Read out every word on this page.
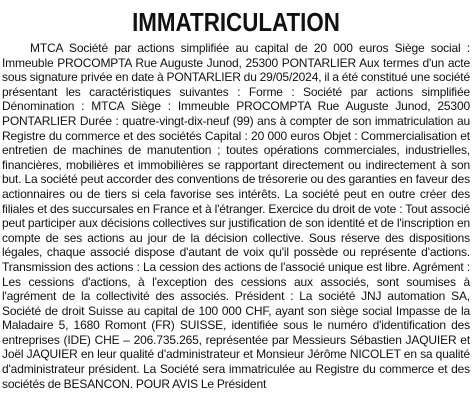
IMMATRICULATION

MTCA Société par actions simplifiée au capital de 20 000 euros Siège social : Immeuble PROCOMPTA Rue Auguste Junod, 25300 PONTARLIER Aux termes d'un acte sous signature privée en date à PONTARLIER du 29/05/2024, il a été constitué une société présentant les caractéristiques suivantes : Forme : Société par actions simplifiée Dénomination : MTCA Siège : Immeuble PROCOMPTA Rue Auguste Junod, 25300 PONTARLIER Durée : quatre-vingt-dix-neuf (99) ans à compter de son immatriculation au Registre du commerce et des sociétés Capital : 20 000 euros Objet : Commercialisation et entretien de machines de manutention ; toutes opérations commerciales, industrielles, financières, mobilières et immobilières se rapportant directement ou indirectement à son but. La société peut accorder des conventions de trésorerie ou des garanties en faveur des actionnaires ou de tiers si cela favorise ses intérêts. La société peut en outre créer des filiales et des succursales en France et à l'étranger. Exercice du droit de vote : Tout associé peut participer aux décisions collectives sur justification de son identité et de l'inscription en compte de ses actions au jour de la décision collective. Sous réserve des dispositions légales, chaque associé dispose d'autant de voix qu'il possède ou représente d'actions. Transmission des actions : La cession des actions de l'associé unique est libre. Agrément : Les cessions d'actions, à l'exception des cessions aux associés, sont soumises à l'agrément de la collectivité des associés. Président : La société JNJ automation SA, Société de droit Suisse au capital de 100 000 CHF, ayant son siège social Impasse de la Maladaire 5, 1680 Romont (FR) SUISSE, identifiée sous le numéro d'identification des entreprises (IDE) CHE – 206.735.265, représentée par Messieurs Sébastien JAQUIER et Joël JAQUIER en leur qualité d'administrateur et Monsieur Jérôme NICOLET en sa qualité d'administrateur président. La Société sera immatriculée au Registre du commerce et des sociétés de BESANCON. POUR AVIS Le Président
